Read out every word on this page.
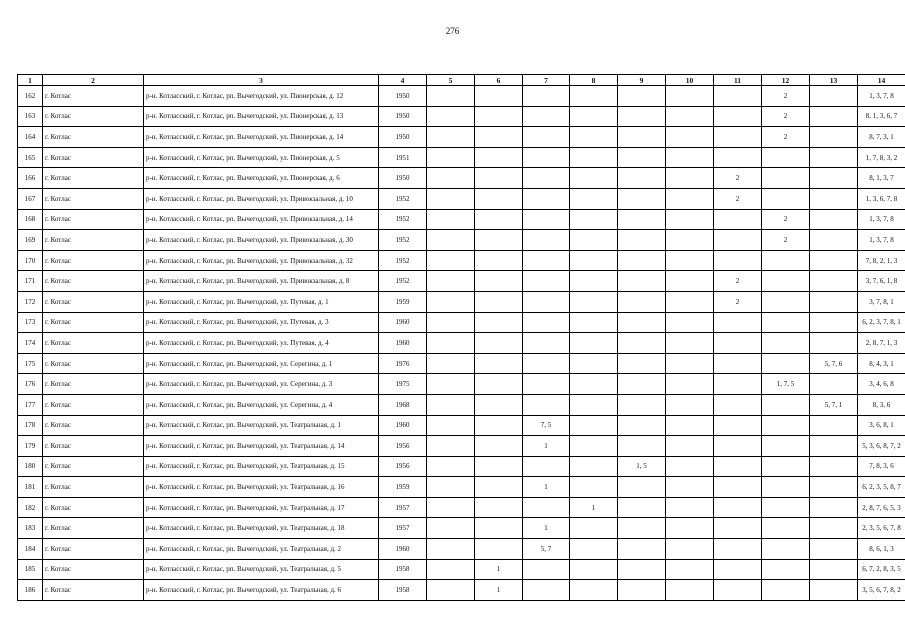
276
1	2	3	4	5	6	7	8	9	10	11	12	13	14
162	г. Котлас	р-н. Котласский, г. Котлас, рп. Вычегодский, ул. Пионерская, д. 12	1950								2		1, 3, 7, 8
163	г. Котлас	р-н. Котласский, г. Котлас, рп. Вычегодский, ул. Пионерская, д. 13	1950								2		8, 1, 3, 6, 7
164	г. Котлас	р-н. Котласский, г. Котлас, рп. Вычегодский, ул. Пионерская, д. 14	1950								2		8, 7, 3, 1
165	г. Котлас	р-н. Котласский, г. Котлас, рп. Вычегодский, ул. Пионерская, д. 5	1951										1, 7, 8, 3, 2
166	г. Котлас	р-н. Котласский, г. Котлас, рп. Вычегодский, ул. Пионерская, д. 6	1950							2			8, 1, 3, 7
167	г. Котлас	р-н. Котласский, г. Котлас, рп. Вычегодский, ул. Привокзальная, д. 10	1952							2			1, 3, 6, 7, 8
168	г. Котлас	р-н. Котласский, г. Котлас, рп. Вычегодский, ул. Привокзальная, д. 14	1952								2		1, 3, 7, 8
169	г. Котлас	р-н. Котласский, г. Котлас, рп. Вычегодский, ул. Привокзальная, д. 30	1952								2		1, 3, 7, 8
170	г. Котлас	р-н. Котласский, г. Котлас, рп. Вычегодский, ул. Привокзальная, д. 32	1952										7, 8, 2, 1, 3
171	г. Котлас	р-н. Котласский, г. Котлас, рп. Вычегодский, ул. Привокзальная, д. 8	1952							2			3, 7, 6, 1, 8
172	г. Котлас	р-н. Котласский, г. Котлас, рп. Вычегодский, ул. Путевая, д. 1	1959							2			3, 7, 8, 1
173	г. Котлас	р-н. Котласский, г. Котлас, рп. Вычегодский, ул. Путевая, д. 3	1960										6, 2, 3, 7, 8, 1
174	г. Котлас	р-н. Котласский, г. Котлас, рп. Вычегодский, ул. Путевая, д. 4	1960										2, 8, 7, 1, 3
175	г. Котлас	р-н. Котласский, г. Котлас, рп. Вычегодский, ул. Серегина, д. 1	1976									5, 7, 6	8, 4, 3, 1
176	г. Котлас	р-н. Котласский, г. Котлас, рп. Вычегодский, ул. Серегина, д. 3	1975								1, 7, 5		3, 4, 6, 8
177	г. Котлас	р-н. Котласский, г. Котлас, рп. Вычегодский, ул. Серегина, д. 4	1968									5, 7, 1	8, 3, 6
178	г. Котлас	р-н. Котласский, г. Котлас, рп. Вычегодский, ул. Театральная, д. 1	1960			7, 5							3, 6, 8, 1
179	г. Котлас	р-н. Котласский, г. Котлас, рп. Вычегодский, ул. Театральная, д. 14	1956			1							5, 3, 6, 8, 7, 2
180	г. Котлас	р-н. Котласский, г. Котлас, рп. Вычегодский, ул. Театральная, д. 15	1956					1, 5					7, 8, 3, 6
181	г. Котлас	р-н. Котласский, г. Котлас, рп. Вычегодский, ул. Театральная, д. 16	1959			1							6, 2, 3, 5, 8, 7
182	г. Котлас	р-н. Котласский, г. Котлас, рп. Вычегодский, ул. Театральная, д. 17	1957				1						2, 8, 7, 6, 5, 3
183	г. Котлас	р-н. Котласский, г. Котлас, рп. Вычегодский, ул. Театральная, д. 18	1957			1							2, 3, 5, 6, 7, 8
184	г. Котлас	р-н. Котласский, г. Котлас, рп. Вычегодский, ул. Театральная, д. 2	1960			5, 7							8, 6, 1, 3
185	г. Котлас	р-н. Котласский, г. Котлас, рп. Вычегодский, ул. Театральная, д. 5	1958		1								6, 7, 2, 8, 3, 5
186	г. Котлас	р-н. Котласский, г. Котлас, рп. Вычегодский, ул. Театральная, д. 6	1958		1								3, 5, 6, 7, 8, 2
